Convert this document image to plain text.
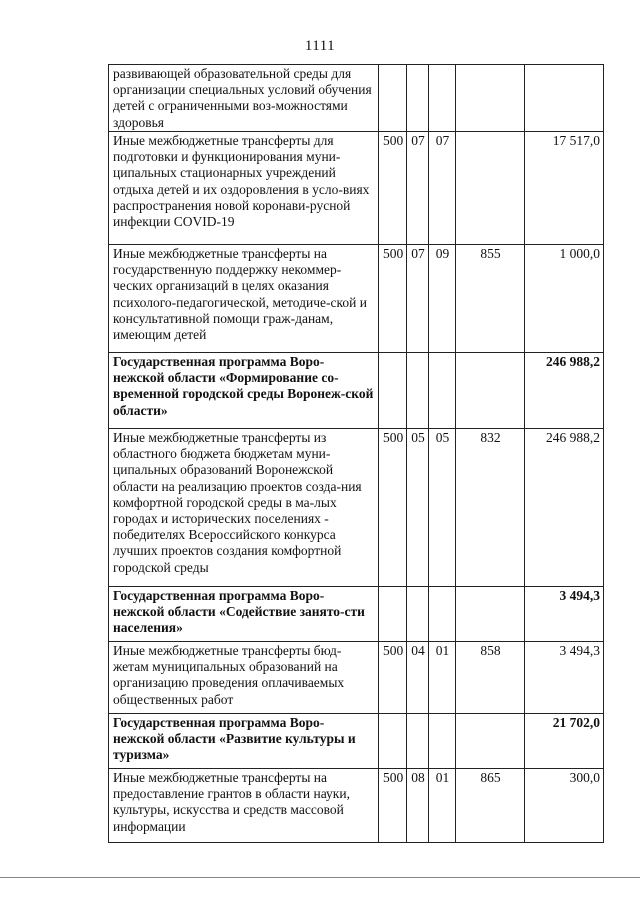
1111
развивающей образовательной среды для организации специальных условий обучения детей с ограниченными воз-можностями здоровья					
Иные межбюджетные трансферты для подготовки и функционирования муни-ципальных стационарных учреждений отдыха детей и их оздоровления в усло-виях распространения новой коронави-русной инфекции COVID-19	500	07	07		17 517,0
Иные межбюджетные трансферты на государственную поддержку некоммер-ческих организаций в целях оказания психолого-педагогической, методиче-ской и консультативной помощи граж-данам, имеющим детей	500	07	09	855	1 000,0
Государственная программа Воро-нежской области «Формирование со-временной городской среды Воронеж-ской области»					246 988,2
Иные межбюджетные трансферты из областного бюджета бюджетам муни-ципальных образований Воронежской области на реализацию проектов созда-ния комфортной городской среды в ма-лых городах и исторических поселениях - победителях Всероссийского конкурса лучших проектов создания комфортной городской среды	500	05	05	832	246 988,2
Государственная программа Воро-нежской области «Содействие занято-сти населения»					3 494,3
Иные межбюджетные трансферты бюд-жетам муниципальных образований на организацию проведения оплачиваемых общественных работ	500	04	01	858	3 494,3
Государственная программа Воро-нежской области «Развитие культуры и туризма»					21 702,0
Иные межбюджетные трансферты на предоставление грантов в области науки, культуры, искусства и средств массовой информации	500	08	01	865	300,0
